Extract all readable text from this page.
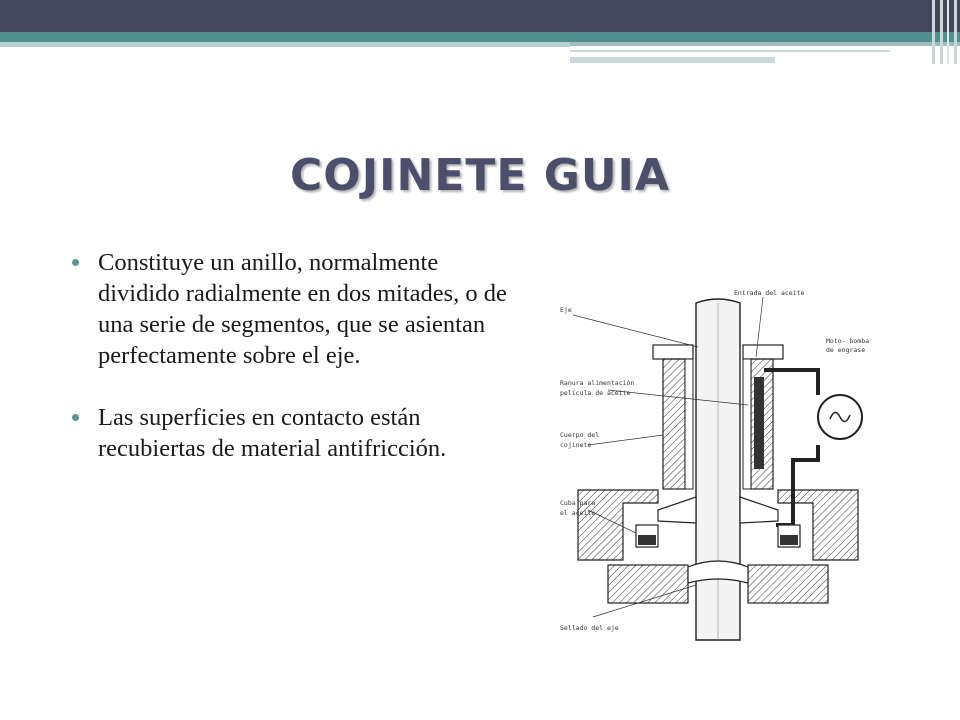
COJINETE GUIA
Constituye un anillo, normalmente dividido radialmente en dos mitades, o de una serie de segmentos, que se asientan perfectamente sobre el eje.
Las superficies en contacto están recubiertas de material antifricción.
Entrada del aceite
Eje
Moto- bomba
de engrase
Ranura alimentación
película de aceite
Cuerpo del
cojinete
Cuba para
el aceite
Sellado del eje
